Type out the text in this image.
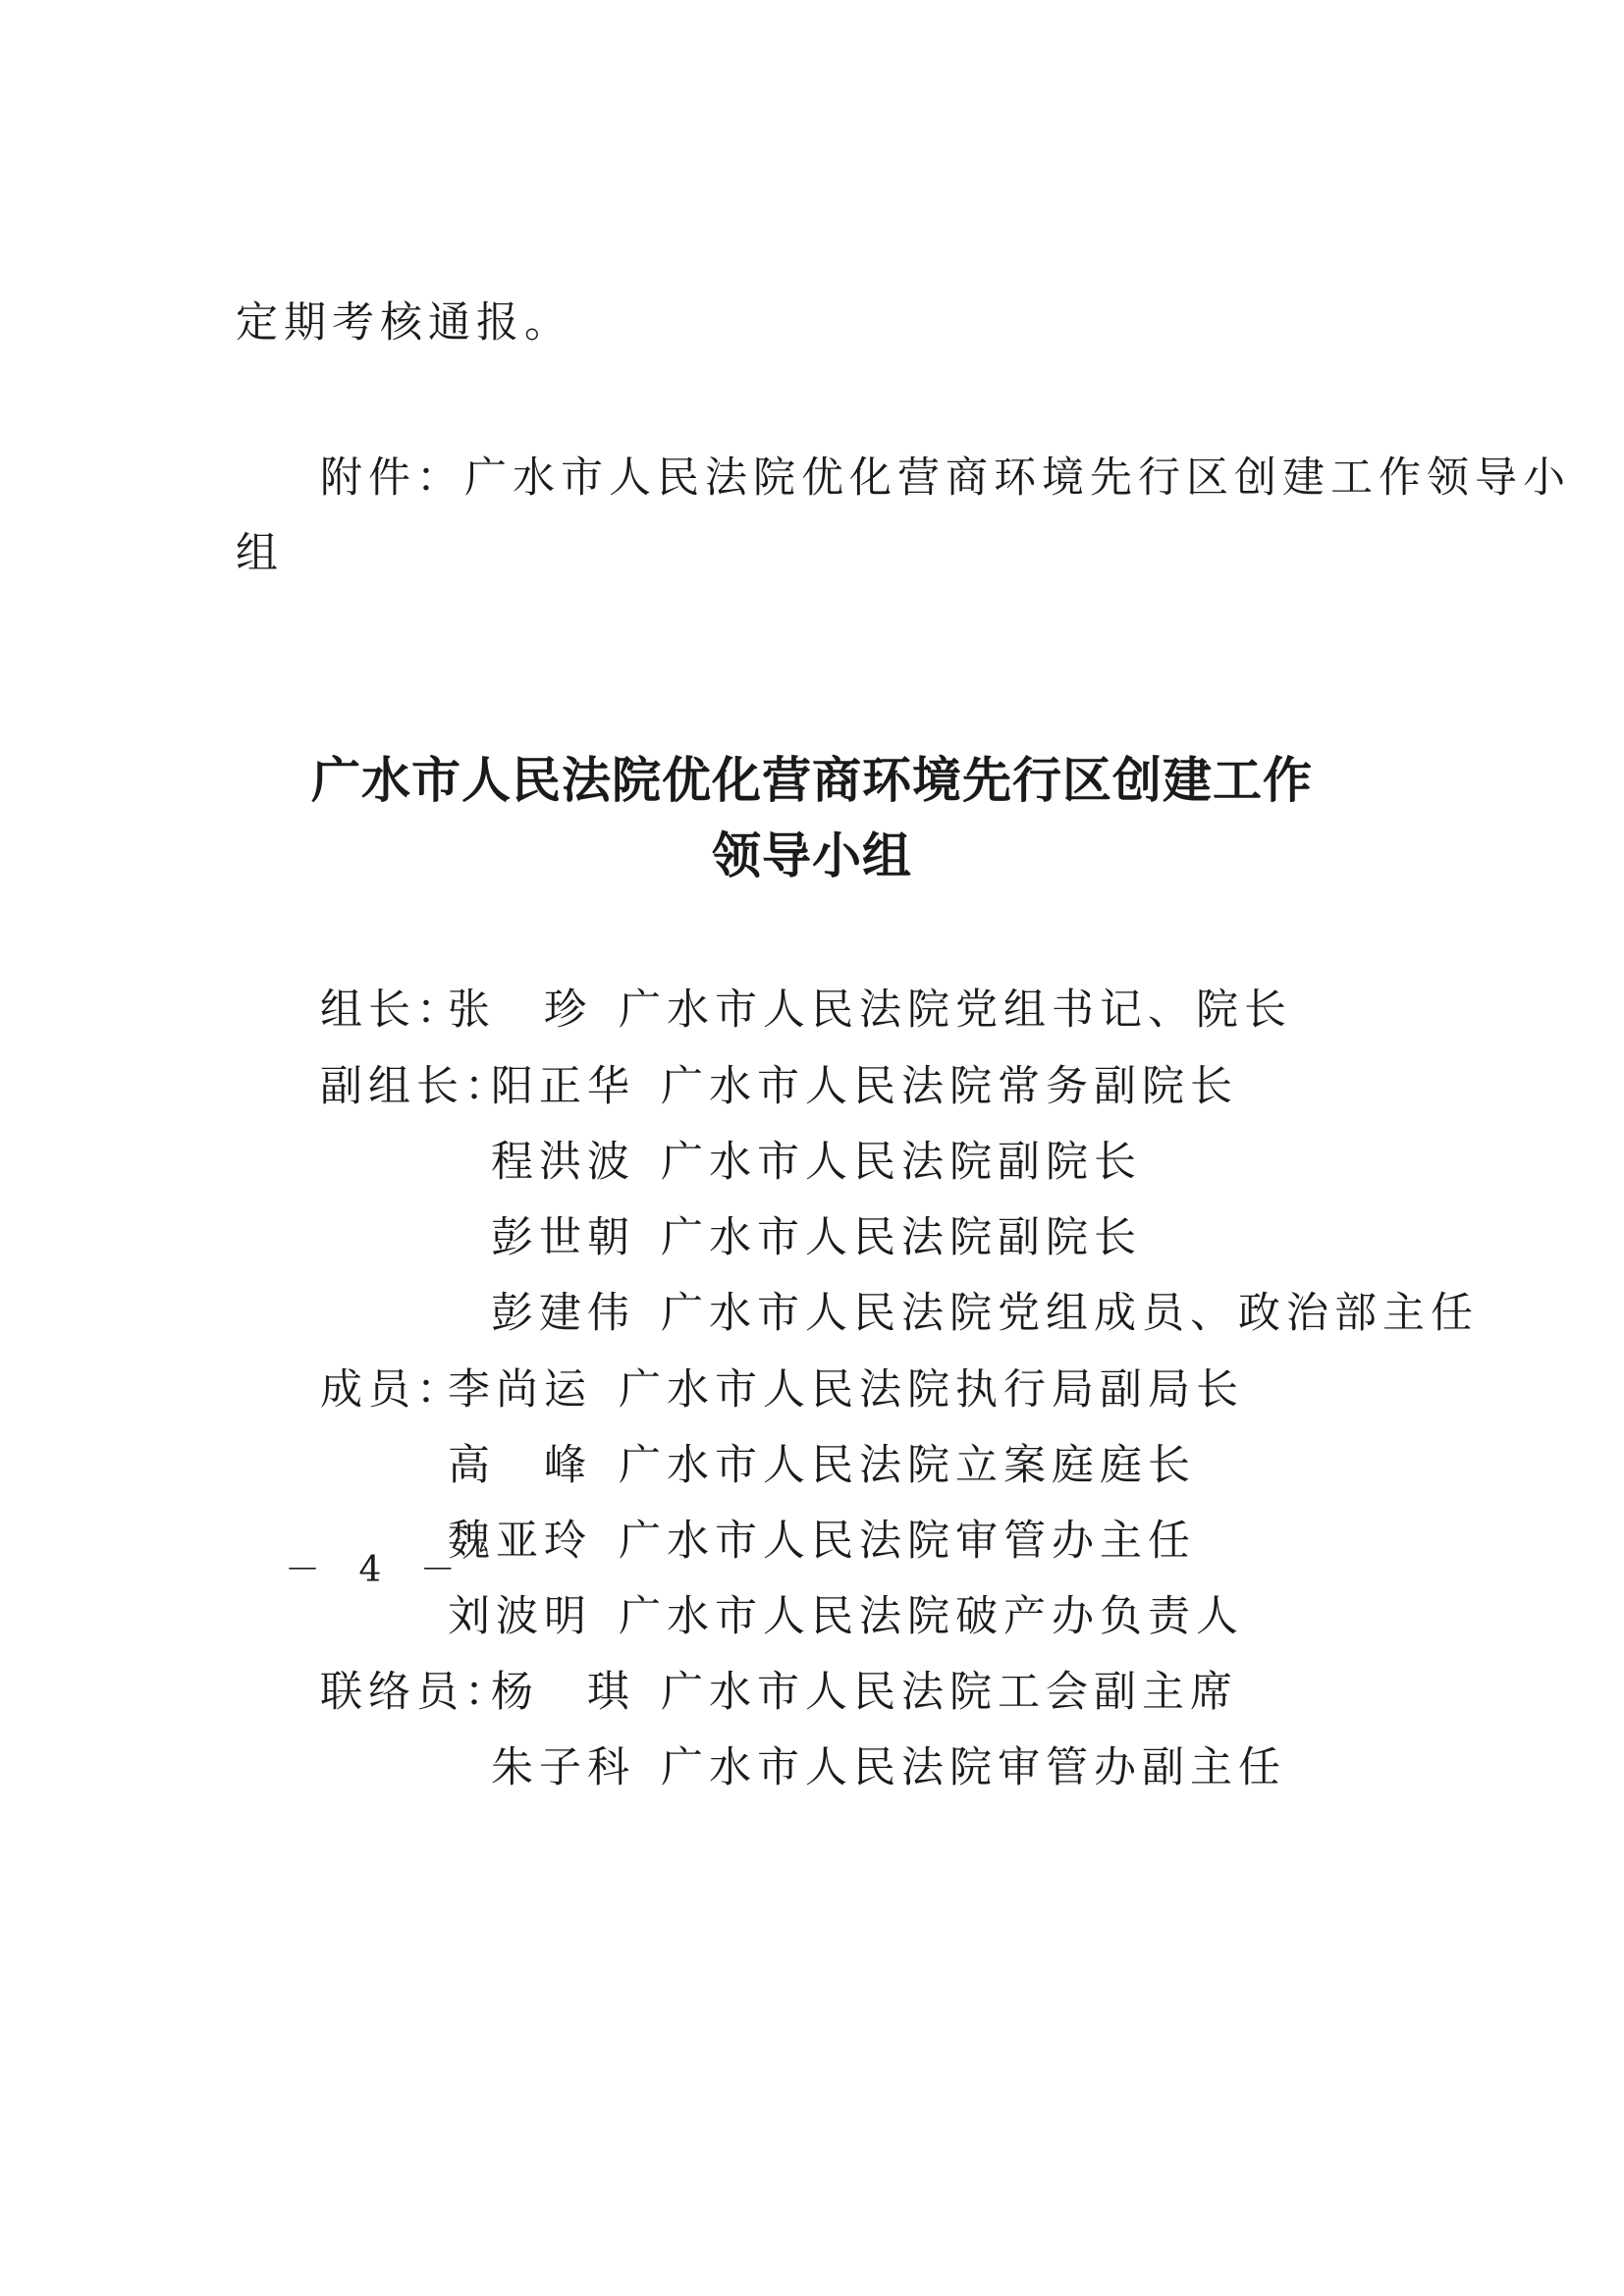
定期考核通报。
附件：广水市人民法院优化营商环境先行区创建工作领导小
组
广水市人民法院优化营商环境先行区创建工作
领导小组
组长：
张　珍 广水市人民法院党组书记、院长
副组长：
阳正华 广水市人民法院常务副院长
程洪波 广水市人民法院副院长
彭世朝 广水市人民法院副院长
彭建伟 广水市人民法院党组成员、政治部主任
成员：
李尚运 广水市人民法院执行局副局长
高　峰 广水市人民法院立案庭庭长
魏亚玲 广水市人民法院审管办主任
刘波明 广水市人民法院破产办负责人
联络员：
杨　琪 广水市人民法院工会副主席
朱子科 广水市人民法院审管办副主任
－ 4 －
